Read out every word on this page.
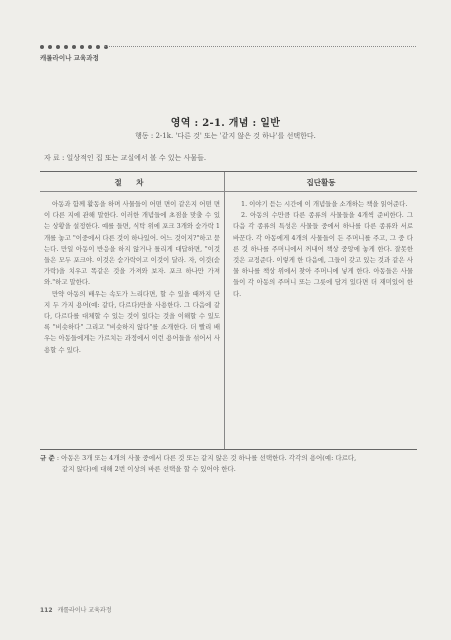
캐롤라이나 교육과정
영역 : 2-1. 개념 : 일반
행동 : 2-1k. '다른 것' 또는 '같지 않은 것 하나'를 선택한다.
자 료 : 일상적인 집 또는 교실에서 볼 수 있는 사물들.
절 차	집단활동

아동과 함께 활동을 하며 사물들이 어떤 면이 같은지 어떤 면이 다른 지에 관해 말한다. 이러한 개념들에 초점을 맞출 수 있는 상황을 설정한다. 예를 들면, 식탁 위에 포크 3개와 숟가락 1개를 놓고 "이중에서 다른 것이 하나있어. 어느 것이지?"하고 묻는다. 만일 아동이 반응을 하지 않거나 틀리게 대답하면, "이것들은 모두 포크야. 이것은 숟가락이고 이것이 달라. 자, 이것(숟가락)을 치우고 똑같은 것을 가져와 보자. 포크 하나만 가져와."하고 말한다.

만약 아동의 배우는 속도가 느리다면, 할 수 있을 때까지 단지 두 가지 용어(예: 같다, 다르다)만을 사용한다. 그 다음에 같다, 다르다를 대체할 수 있는 것이 있다는 것을 이해할 수 있도록 "비슷하다" 그리고 "비슷하지 않다"를 소개한다. 더 빨리 배우는 아동들에게는 가르치는 과정에서 이런 용어들을 섞어서 사용할 수 있다.

1. 이야기 듣는 시간에 이 개념들을 소개하는 책을 읽어준다.

2. 아동의 수만큼 다른 종류의 사물들을 4개씩 준비한다. 그 다음 각 종류의 특성은 사물들 중에서 하나를 다른 종류와 서로 바꾼다. 각 아동에게 4개의 사물들이 든 주머니를 주고, 그 중 다른 것 하나를 주머니에서 꺼내어 책상 중앙에 놓게 한다. 잘못한 것은 교정준다. 이렇게 한 다음에, 그들이 갖고 있는 것과 같은 사물 하나를 책상 위에서 찾아 주머니에 넣게 한다. 아동들은 사물들이 각 아동의 주머니 또는 그릇에 담겨 있다면 더 재미있어 한다.

규 준 : 아동은 3개 또는 4개의 사물 중에서 다른 것 또는 같지 않은 것 하나를 선택한다. 각각의 용어(예: 다르다,
같지 않다)에 대해 2번 이상의 바른 선택을 할 수 있어야 한다.
112 캐롤라이나 교육과정
